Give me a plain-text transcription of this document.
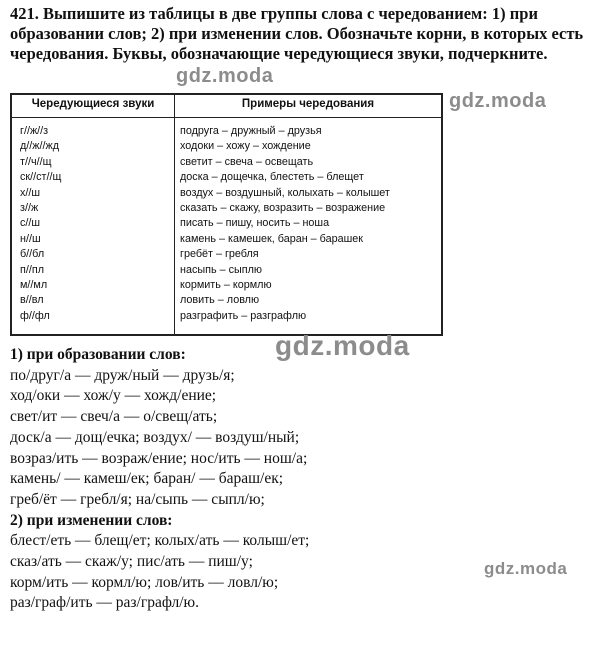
421. Выпишите из таблицы в две группы слова с чередованием: 1) при образовании слов; 2) при изменении слов. Обозначьте корни, в которых есть чередования. Буквы, обозначающие чередующиеся звуки, подчеркните.
gdz.moda
gdz.moda
Чередующиеся звуки	Примеры чередования
г//ж//з	подруга – дружный – друзья
д//ж//жд	ходоки – хожу – хождение
т//ч//щ	светит – свеча – освещать
ск//ст//щ	доска – дощечка, блестеть – блещет
х//ш	воздух – воздушный, колыхать – колышет
з//ж	сказать – скажу, возразить – возражение
с//ш	писать – пишу, носить – ноша
н//ш	камень – камешек, баран – барашек
б//бл	гребёт – гребля
п//пл	насыпь – сыплю
м//мл	кормить – кормлю
в//вл	ловить – ловлю
ф//фл	разграфить – разграфлю
gdz.moda
1) при образовании слов:
по/друг/а — друж/ный — друзь/я;
ход/оки — хож/у — хожд/ение;
свет/ит — свеч/а — о/свещ/ать;
доск/а — дощ/ечка; воздух/ — воздуш/ный;
возраз/ить — возраж/ение; нос/ить — нош/а;
камень/ — камеш/ек; баран/ — бараш/ек;
греб/ёт — гребл/я; на/сыпь — сыпл/ю;
2) при изменении слов:
блест/еть — блещ/ет; колых/ать — колыш/ет;
сказ/ать — скаж/у; пис/ать — пиш/у;
корм/ить — кормл/ю; лов/ить — ловл/ю;
раз/граф/ить — раз/графл/ю.
gdz.moda
